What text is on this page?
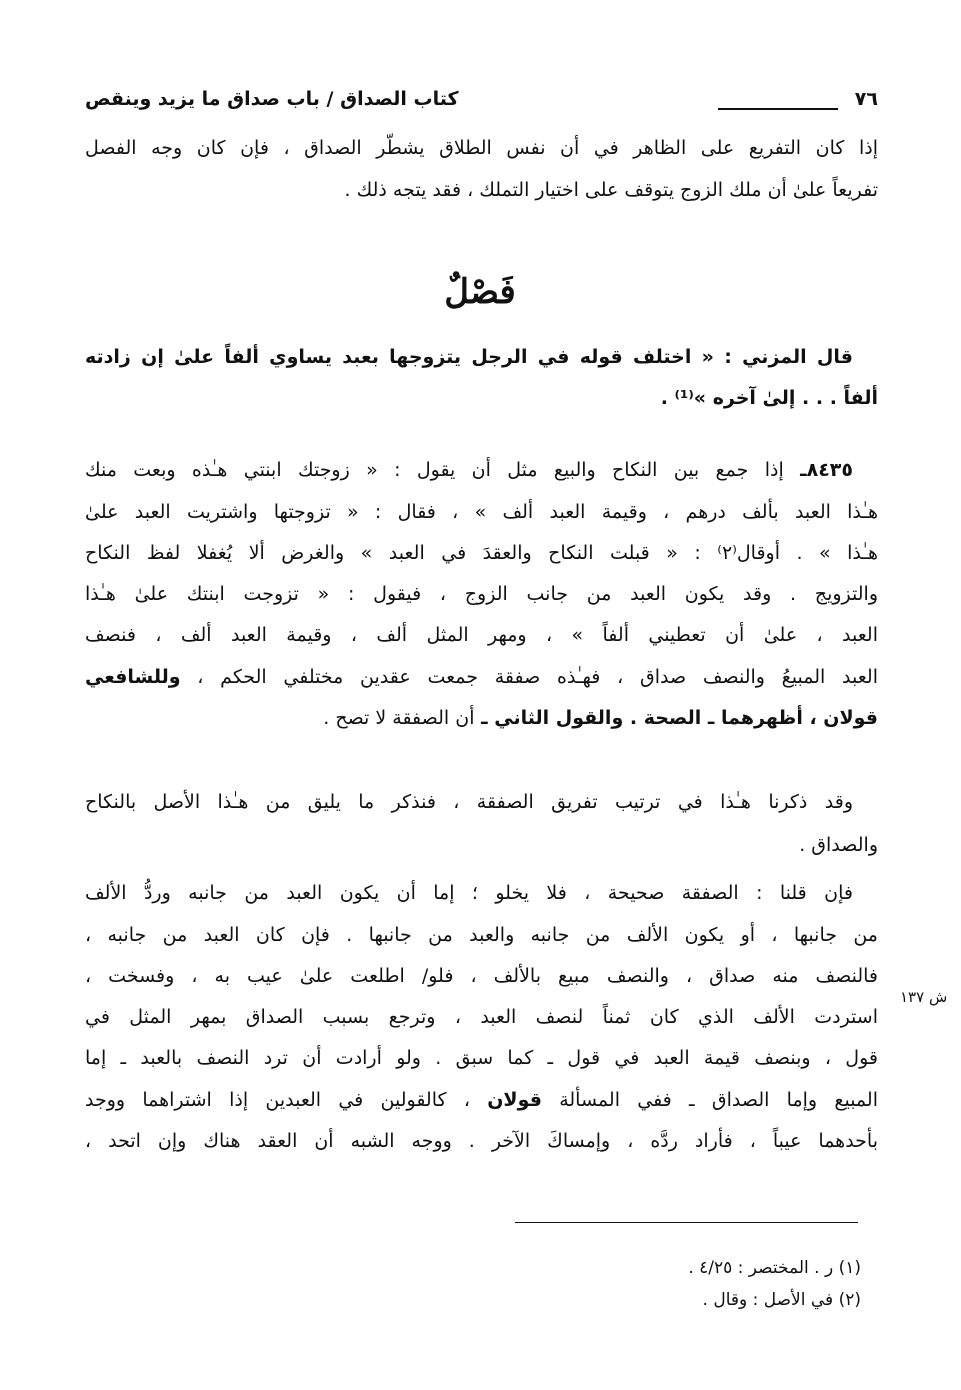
٧٦
كتاب الصداق / باب صداق ما يزيد وينقص
إذا كان التفريع على الظاهر في أن نفس الطلاق يشطّر الصداق ، فإن كان وجه الفصل
تفريعاً علىٰ أن ملك الزوج يتوقف على اختيار التملك ، فقد يتجه ذلك .
فَصْلٌ
قال المزني : « اختلف قوله في الرجل يتزوجها بعبد يساوي ألفاً علىٰ إن زادته
ألفاً . . . إلىٰ آخره »⁽¹⁾ .
٨٤٣٥ـ إذا جمع بين النكاح والبيع مثل أن يقول : « زوجتك ابنتي هـٰذه وبعت منك
هـٰذا العبد بألف درهم ، وقيمة العبد ألف » ، فقال : « تزوجتها واشتريت العبد علىٰ
هـٰذا » . أوقال⁽٢⁾ : « قبلت النكاح والعقدَ في العبد » والغرض ألا يُغفلا لفظ النكاح
والتزويج . وقد يكون العبد من جانب الزوج ، فيقول : « تزوجت ابنتك علىٰ هـٰذا
العبد ، علىٰ أن تعطيني ألفاً » ، ومهر المثل ألف ، وقيمة العبد ألف ، فنصف
العبد المبيعُ والنصف صداق ، فهـٰذه صفقة جمعت عقدين مختلفي الحكم ، وللشافعي
قولان ، أظهرهما ـ الصحة . والقول الثاني ـ أن الصفقة لا تصح .
وقد ذكرنا هـٰذا في ترتيب تفريق الصفقة ، فنذكر ما يليق من هـٰذا الأصل بالنكاح
والصداق .
فإن قلنا : الصفقة صحيحة ، فلا يخلو ؛ إما أن يكون العبد من جانبه وردُّ الألف
من جانبها ، أو يكون الألف من جانبه والعبد من جانبها . فإن كان العبد من جانبه ،
فالنصف منه صداق ، والنصف مبيع بالألف ، فلو/ اطلعت علىٰ عيب به ، وفسخت ،
استردت الألف الذي كان ثمناً لنصف العبد ، وترجع بسبب الصداق بمهر المثل في
قول ، وبنصف قيمة العبد في قول ـ كما سبق . ولو أرادت أن ترد النصف بالعبد ـ إما
المبيع وإما الصداق ـ ففي المسألة قولان ، كالقولين في العبدين إذا اشتراهما ووجد
بأحدهما عيباً ، فأراد ردَّه ، وإمساكَ الآخر . ووجه الشبه أن العقد هناك وإن اتحد ،
ش ١٣٧
(١) ر . المختصر : ٤/٢٥ .
(٢) في الأصل : وقال .
